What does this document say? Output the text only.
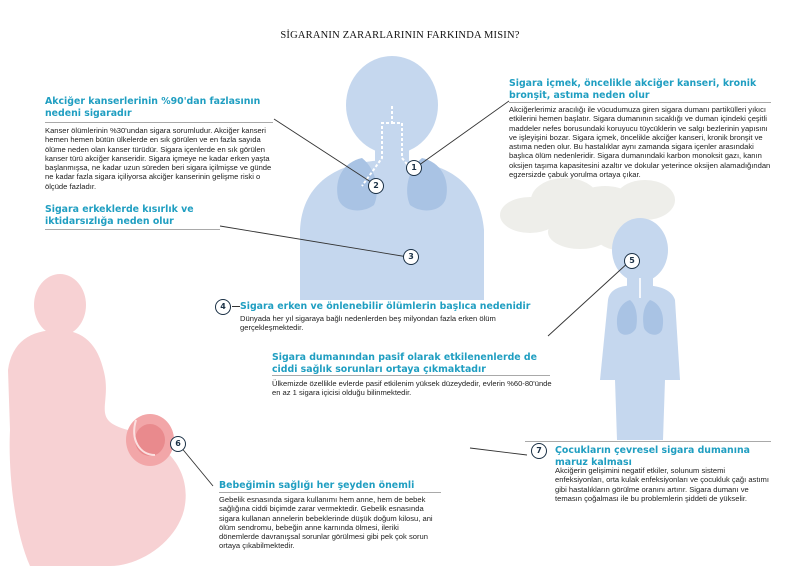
SİGARANIN ZARARLARININ FARKINDA MISIN?
1
2
3	5
6
Akciğer kanserlerinin %90'dan fazlasının nedeni sigaradır
Kanser ölümlerinin %30'undan sigara sorumludur. Akciğer kanseri hemen hemen bütün ülkelerde en sık görülen ve en fazla sayıda ölüme neden olan kanser türüdür. Sigara içenlerde en sık görülen kanser türü akciğer kanseridir. Sigara içmeye ne kadar erken yaşta başlanmışsa, ne kadar uzun süreden beri sigara içilmişse ve günde ne kadar fazla sigara içiliyorsa akciğer kanserinin gelişme riski o ölçüde fazladır.
Sigara içmek, öncelikle akciğer kanseri, kronik bronşit, astıma neden olur
Akciğerlerimiz aracılığı ile vücudumuza giren sigara dumanı partikülleri yıkıcı etkilerini hemen başlatır. Sigara dumanının sıcaklığı ve duman içindeki çeşitli maddeler nefes borusundaki koruyucu tüycüklerin ve salgı bezlerinin yapısını ve işleyişini bozar. Sigara içmek, öncelikle akciğer kanseri, kronik bronşit ve astıma neden olur. Bu hastalıklar aynı zamanda sigara içenler arasındaki başlıca ölüm nedenleridir. Sigara dumanındaki karbon monoksit gazı, kanın oksijen taşıma kapasitesini azaltır ve dokular yeterince oksijen alamadığından egzersizde çabuk yorulma ortaya çıkar.
Sigara erkeklerde kısırlık ve iktidarsızlığa neden olur
4	Sigara erken ve önlenebilir ölümlerin başlıca nedenidir
Dünyada her yıl sigaraya bağlı nedenlerden beş milyondan fazla erken ölüm gerçekleşmektedir.
Sigara dumanından pasif olarak etkilenenlerde de ciddi sağlık sorunları ortaya çıkmaktadır
Ülkemizde özellikle evlerde pasif etkilenim yüksek düzeydedir, evlerin %60-80'ünde en az 1 sigara içicisi olduğu bilinmektedir.
Bebeğimin sağlığı her şeyden önemli
Gebelik esnasında sigara kullanımı hem anne, hem de bebek sağlığına ciddi biçimde zarar vermektedir. Gebelik esnasında sigara kullanan annelerin bebeklerinde düşük doğum kilosu, ani ölüm sendromu, bebeğin anne karnında ölmesi, ileriki dönemlerde davranışsal sorunlar görülmesi gibi pek çok sorun ortaya çıkabilmektedir.
7	Çocukların çevresel sigara dumanına maruz kalması
Akciğerin gelişimini negatif etkiler, solunum sistemi enfeksiyonları, orta kulak enfeksiyonları ve çocukluk çağı astımı gibi hastalıkların görülme oranını artırır. Sigara dumanı ve temasın çoğalması ile bu problemlerin şiddeti de yükselir.
